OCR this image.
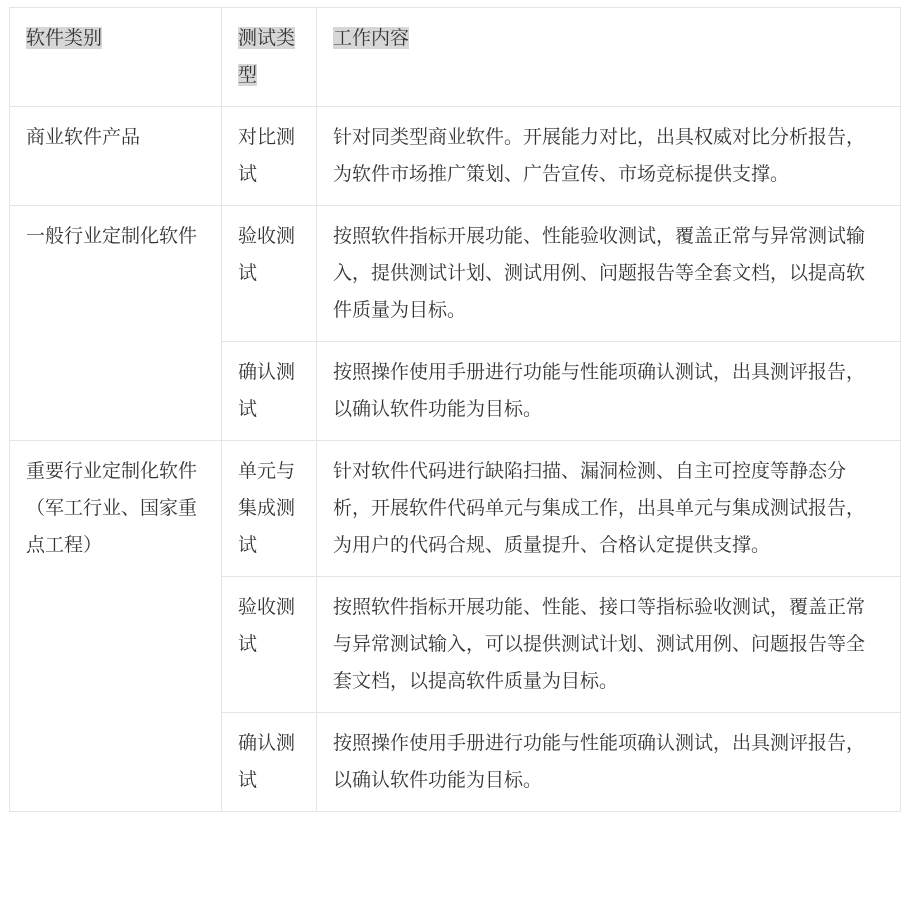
软件类别	测试类型	工作内容
商业软件产品	对比测试	针对同类型商业软件。开展能力对比，出具权威对比分析报告，为软件市场推广策划、广告宣传、市场竞标提供支撑。
一般行业定制化软件	验收测试	按照软件指标开展功能、性能验收测试，覆盖正常与异常测试输入，提供测试计划、测试用例、问题报告等全套文档，以提高软件质量为目标。
	确认测试	按照操作使用手册进行功能与性能项确认测试，出具测评报告，以确认软件功能为目标。
重要行业定制化软件（军工行业、国家重点工程）	单元与集成测试	针对软件代码进行缺陷扫描、漏洞检测、自主可控度等静态分析，开展软件代码单元与集成工作，出具单元与集成测试报告，为用户的代码合规、质量提升、合格认定提供支撑。
	验收测试	按照软件指标开展功能、性能、接口等指标验收测试，覆盖正常与异常测试输入，可以提供测试计划、测试用例、问题报告等全套文档，以提高软件质量为目标。
	确认测试	按照操作使用手册进行功能与性能项确认测试，出具测评报告，以确认软件功能为目标。
